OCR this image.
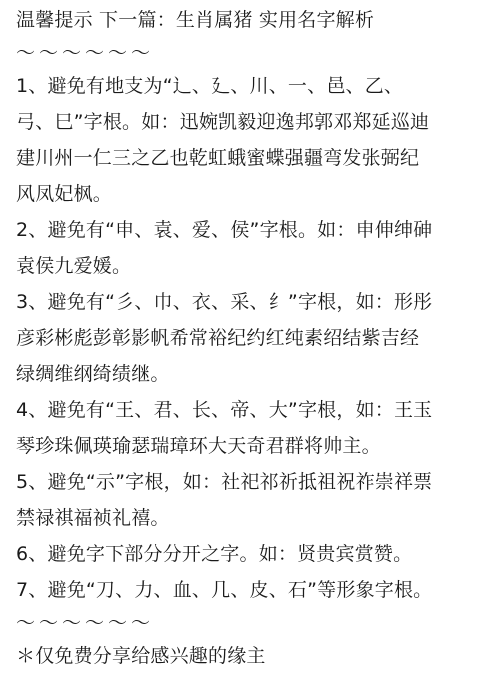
温馨提示 下一篇：生肖属猪 实用名字解析
～～～～～～
1、避免有地支为“辶、廴、川、一、邑、乙、
弓、巳”字根。如：迅婉凯毅迎逸邦郭邓郑延巡迪
建川州一仁三之乙也乾虹蛾蜜蝶强疆弯发张弼纪
风凤妃枫。
2、避免有“申、袁、爱、侯”字根。如：申伸绅砷
袁侯九爱媛。
3、避免有“彡、巾、衣、采、纟”字根，如：形彤
彦彩彬彪彭彰影帆希常裕纪约红纯素绍结紫吉经
绿绸维纲绮绩继。
4、避免有“王、君、长、帝、大”字根，如：王玉
琴珍珠佩瑛瑜瑟瑞璋环大天奇君群将帅主。
5、避免“示”字根，如：社祀祁祈抵祖祝祚崇祥票
禁禄祺福祯礼禧。
6、避免字下部分分开之字。如：贤贵宾赏赞。
7、避免“刀、力、血、几、皮、石”等形象字根。
～～～～～～
＊仅免费分享给感兴趣的缘主
